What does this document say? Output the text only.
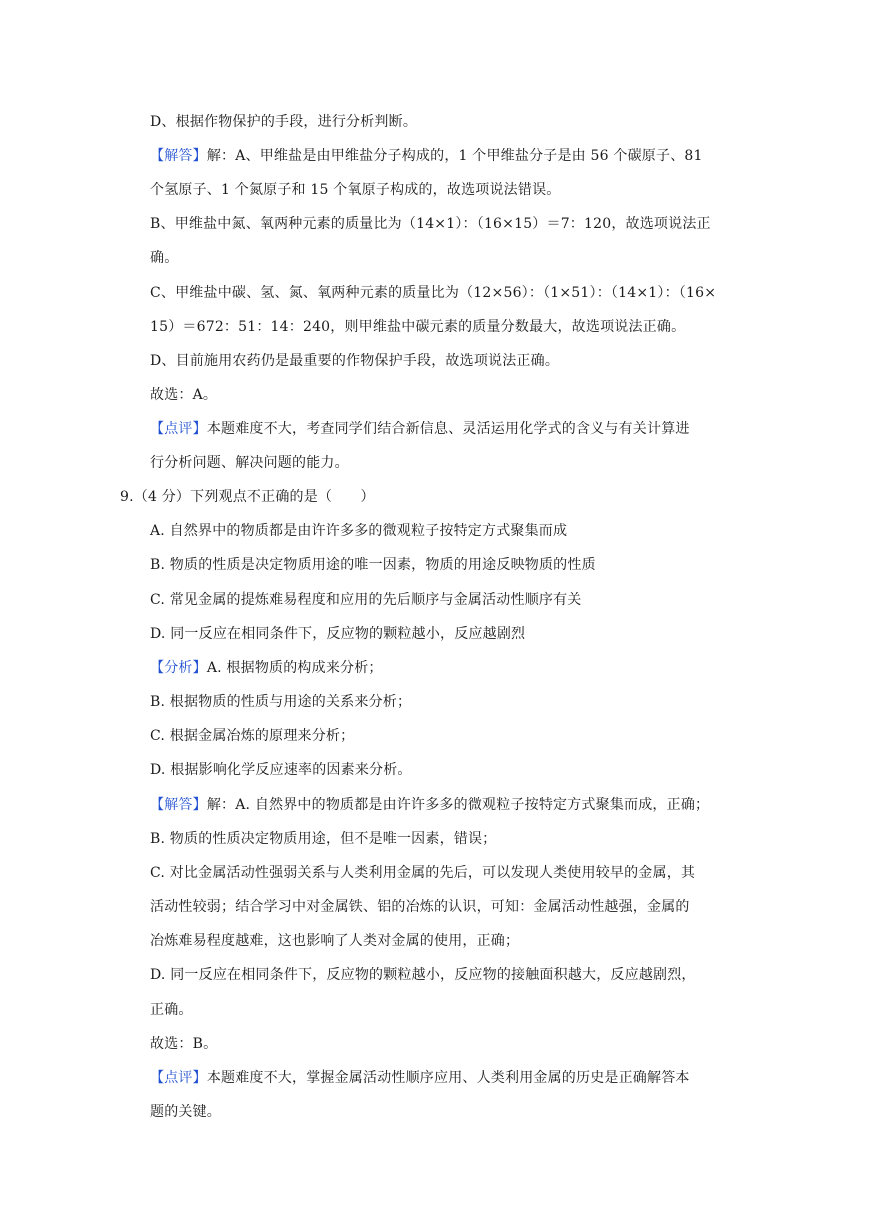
D、根据作物保护的手段，进行分析判断。
【解答】解：A、甲维盐是由甲维盐分子构成的，1 个甲维盐分子是由 56 个碳原子、81
个氢原子、1 个氮原子和 15 个氧原子构成的，故选项说法错误。
B、甲维盐中氮、氧两种元素的质量比为（14×1）：（16×15）＝7：120，故选项说法正
确。
C、甲维盐中碳、氢、氮、氧两种元素的质量比为（12×56）：（1×51）：（14×1）：（16×
15）＝672：51：14：240，则甲维盐中碳元素的质量分数最大，故选项说法正确。
D、目前施用农药仍是最重要的作物保护手段，故选项说法正确。
故选：A。
【点评】本题难度不大，考查同学们结合新信息、灵活运用化学式的含义与有关计算进
行分析问题、解决问题的能力。
9.（4 分）下列观点不正确的是（　　）
A. 自然界中的物质都是由许许多多的微观粒子按特定方式聚集而成
B. 物质的性质是决定物质用途的唯一因素，物质的用途反映物质的性质
C. 常见金属的提炼难易程度和应用的先后顺序与金属活动性顺序有关
D. 同一反应在相同条件下，反应物的颗粒越小，反应越剧烈
【分析】A. 根据物质的构成来分析；
B. 根据物质的性质与用途的关系来分析；
C. 根据金属冶炼的原理来分析；
D. 根据影响化学反应速率的因素来分析。
【解答】解：A. 自然界中的物质都是由许许多多的微观粒子按特定方式聚集而成，正确；
B. 物质的性质决定物质用途，但不是唯一因素，错误；
C. 对比金属活动性强弱关系与人类利用金属的先后，可以发现人类使用较早的金属，其
活动性较弱；结合学习中对金属铁、铝的冶炼的认识，可知：金属活动性越强，金属的
冶炼难易程度越难，这也影响了人类对金属的使用，正确；
D. 同一反应在相同条件下，反应物的颗粒越小，反应物的接触面积越大，反应越剧烈，
正确。
故选：B。
【点评】本题难度不大，掌握金属活动性顺序应用、人类利用金属的历史是正确解答本
题的关键。
